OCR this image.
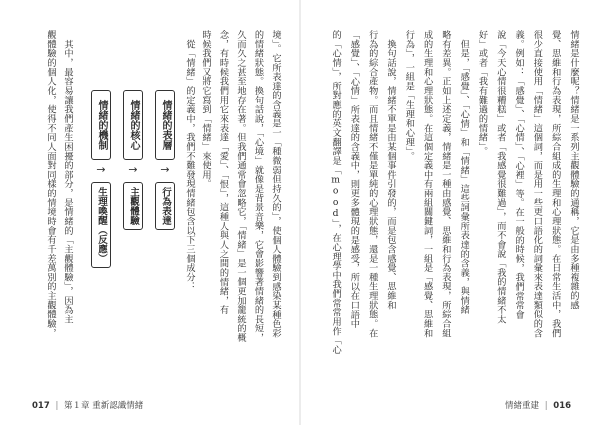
情緒是什麼呢？情緒是一系列主觀體驗的通稱，它是由多種複雜的感
覺、思維和行為表現，所綜合組成的生理和心理狀態。在日常生活中，我們
很少直接使用「情緒」這個詞，而是用一些更口語化的詞彙來表達類似的含
義。例如：「感覺」、「心情」、「心裡」等。在一般的時候，我們常常會
說「今天心情很糟糕」或者「我感覺很難過」，而不會說「我的情緒不太
好」或者「我有難過的情緒」。
　但是，「感覺」、「心情」和「情緒」這些詞彙所表達的含義，與情緒
略有差異。正如上述定義，情緒是一種由感覺、思維和行為表現，所綜合組
成的生理和心理狀態。在這個定義中有兩組關鍵詞，一組是「感覺、思維和
行為」，一組是「生理和心理」。
　換句話說，情緒不單是由某個事件引發的，而是包含感覺、思維和
行為的綜合產物。而且情緒不僅是單純的心理狀態，還是一種生理狀態。在
「感覺」、「心情」所表達的含義中，則更多體現的是感受，所以在口語中
的「心情」，所對應的英文翻譯是「mood」，在心理學中我們常常用作「心
境」。它所表達的含義是一「種微弱但持久的」，使個人體驗到感染某種色彩
的情緒狀態。換句話說，「心境」就像是背景音樂，它會影響著情緒的長短，
久而久之甚至地存在著。但我們通常會忽略它，「情緒」是一個更加籠統的概
念，有時候我們用它來表達「愛」、「恨」，這種人與人之間的情緒，有
時候我們又將它寫到「情緒」來使用。
　從「情緒」的定義中，我們不難發現情緒包含以下三個成分：
　其中，最容易讓我們產生困擾的部分，是情緒的「主觀體驗」，因為主
觀體驗的個人化，使得不同人面對同樣的情境時會有千差萬別的主觀體驗，	情緒的表層
情緒的核心
情緒的機制
→
→
→
行為表達
主觀體驗
生理喚醒（反應）
017 | 第１章 重新認識情緒	情緒重建 | 016
